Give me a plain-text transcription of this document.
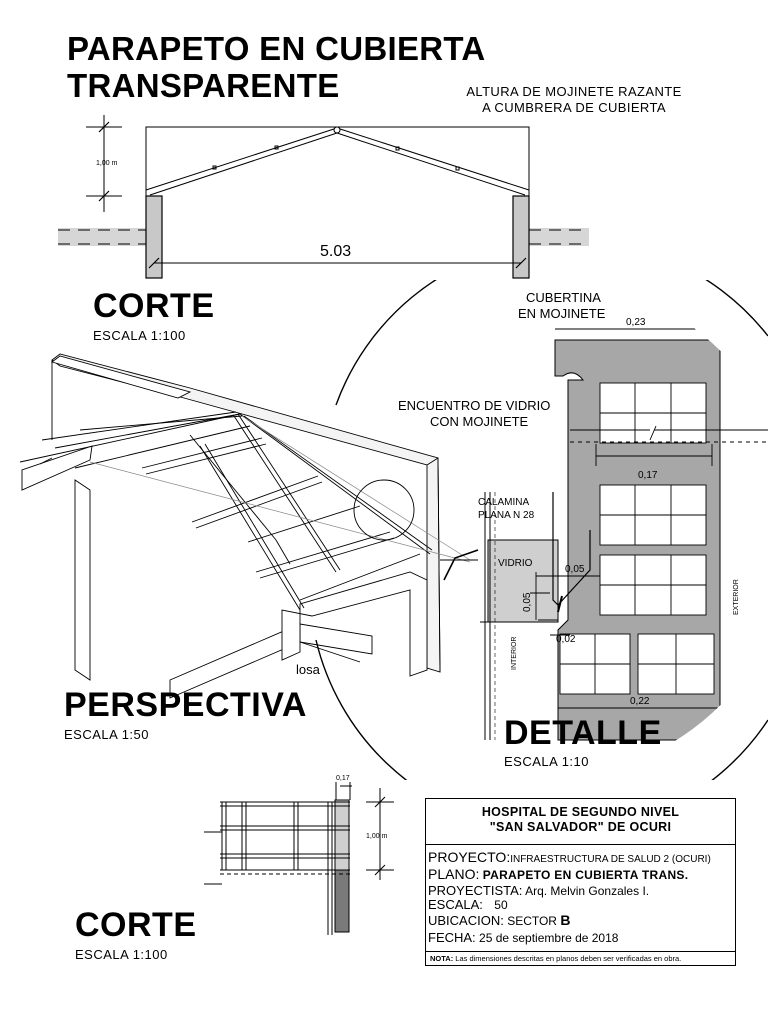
PARAPETO EN CUBIERTA
TRANSPARENTE	ALTURA DE MOJINETE RAZANTE
A CUMBRERA DE CUBIERTA
1,00 m
5.03
CORTE
ESCALA 1:100
losa
PERSPECTIVA
ESCALA 1:50
CUBERTINA
EN MOJINETE
0,23
ENCUENTRO DE VIDRIO
CON MOJINETE
0,17
CALAMINA
PLANA N 28
VIDRIO
0,05
0,05
0,02
INTERIOR
EXTERIOR
0,22
DETALLE
ESCALA 1:10
0,17
1,00 m
CORTE
ESCALA 1:100
HOSPITAL DE SEGUNDO NIVEL
"SAN SALVADOR" DE OCURI
PROYECTO:INFRAESTRUCTURA DE SALUD 2 (OCURI)
PLANO: PARAPETO EN CUBIERTA TRANS.
PROYECTISTA: Arq. Melvin Gonzales I.
ESCALA: 50
UBICACION: SECTOR B
FECHA: 25 de septiembre de 2018
NOTA: Las dimensiones descritas en planos deben ser verificadas en obra.
